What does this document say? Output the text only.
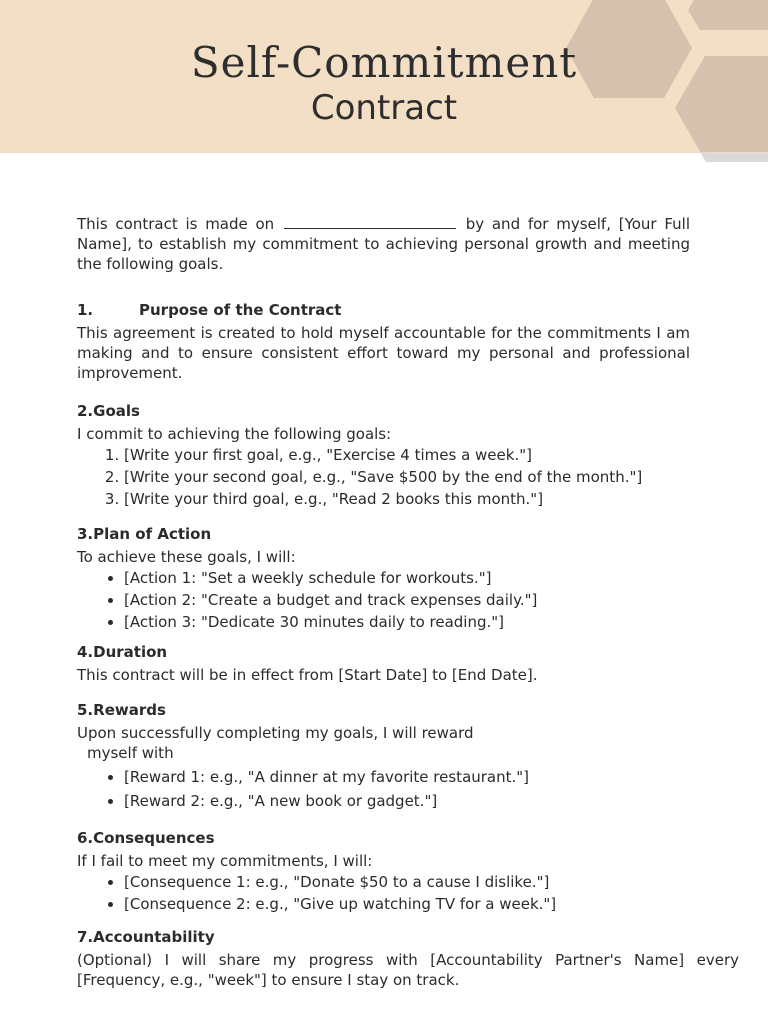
Self-Commitment
Contract

This contract is made on	by and for myself, [Your Full Name], to establish my commitment to achieving personal growth and meeting the following goals.

1.	Purpose of the Contract

This agreement is created to hold myself accountable for the commitments I am making and to ensure consistent effort toward my personal and professional improvement.

2.Goals

I commit to achieving the following goals:

1. [Write your first goal, e.g., "Exercise 4 times a week."]
2. [Write your second goal, e.g., "Save $500 by the end of the month."]
3. [Write your third goal, e.g., "Read 2 books this month."]
3.Plan of Action

To achieve these goals, I will:

• [Action 1: "Set a weekly schedule for workouts."]
• [Action 2: "Create a budget and track expenses daily."]
• [Action 3: "Dedicate 30 minutes daily to reading."]
4.Duration

This contract will be in effect from [Start Date] to [End Date].

5.Rewards

Upon successfully completing my goals, I will reward

myself with

• [Reward 1: e.g., "A dinner at my favorite restaurant."]
• [Reward 2: e.g., "A new book or gadget."]
6.Consequences

If I fail to meet my commitments, I will:

• [Consequence 1: e.g., "Donate $50 to a cause I dislike."]
• [Consequence 2: e.g., "Give up watching TV for a week."]
7.Accountability

(Optional) I will share my progress with [Accountability Partner's Name] every [Frequency, e.g., "week"] to ensure I stay on track.
